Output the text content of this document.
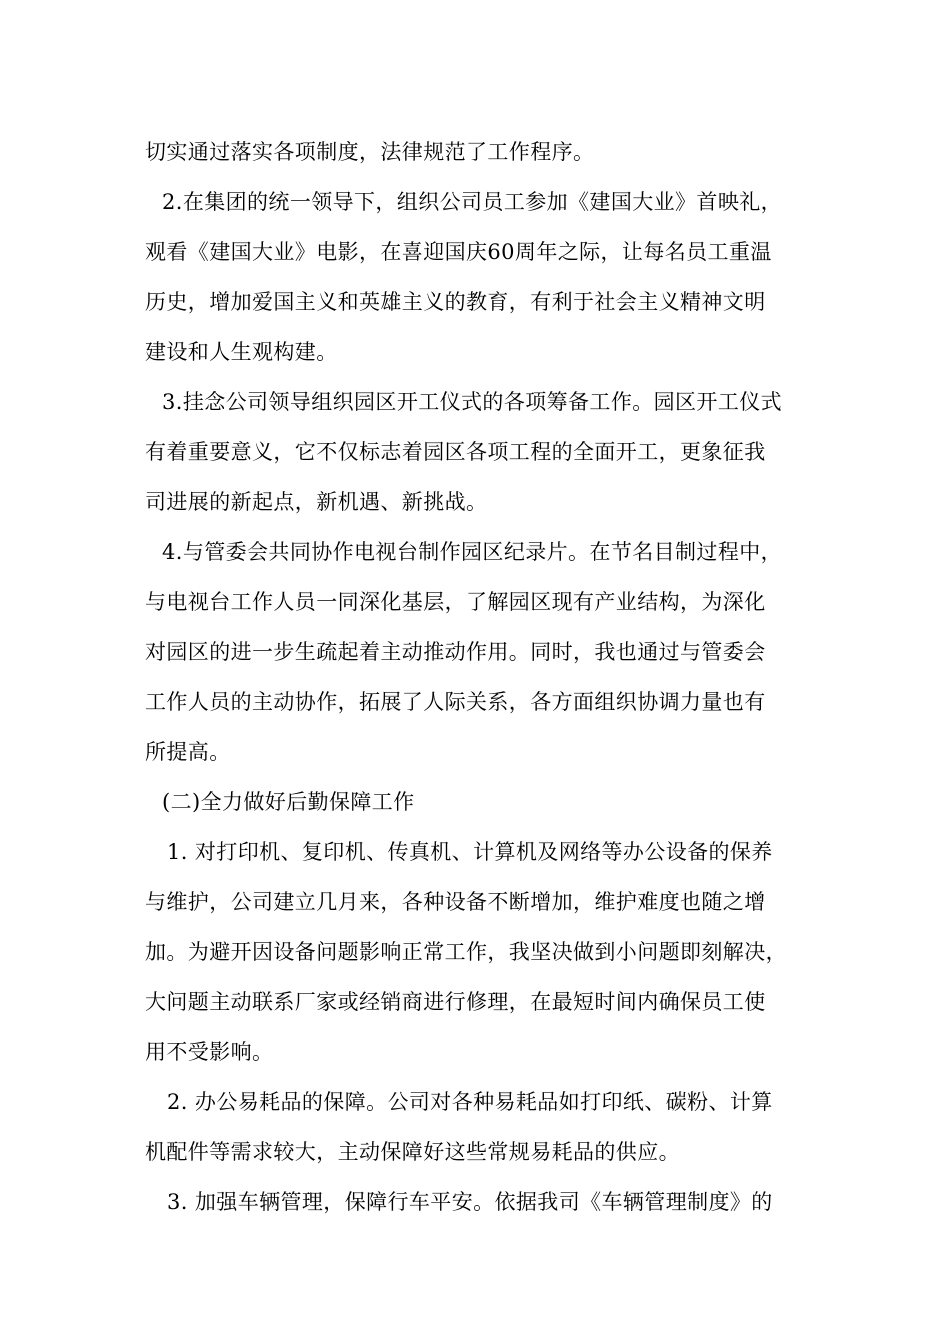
切实通过落实各项制度，法律规范了工作程序。
2.在集团的统一领导下，组织公司员工参加《建国大业》首映礼，
观看《建国大业》电影，在喜迎国庆60周年之际，让每名员工重温
历史，增加爱国主义和英雄主义的教育，有利于社会主义精神文明
建设和人生观构建。
3.挂念公司领导组织园区开工仪式的各项筹备工作。园区开工仪式
有着重要意义，它不仅标志着园区各项工程的全面开工，更象征我
司进展的新起点，新机遇、新挑战。
4.与管委会共同协作电视台制作园区纪录片。在节名目制过程中，
与电视台工作人员一同深化基层，了解园区现有产业结构，为深化
对园区的进一步生疏起着主动推动作用。同时，我也通过与管委会
工作人员的主动协作，拓展了人际关系，各方面组织协调力量也有
所提高。
(二)全力做好后勤保障工作
1. 对打印机、复印机、传真机、计算机及网络等办公设备的保养
与维护，公司建立几月来，各种设备不断增加，维护难度也随之增
加。为避开因设备问题影响正常工作，我坚决做到小问题即刻解决，
大问题主动联系厂家或经销商进行修理，在最短时间内确保员工使
用不受影响。
2. 办公易耗品的保障。公司对各种易耗品如打印纸、碳粉、计算
机配件等需求较大，主动保障好这些常规易耗品的供应。
3. 加强车辆管理，保障行车平安。依据我司《车辆管理制度》的
